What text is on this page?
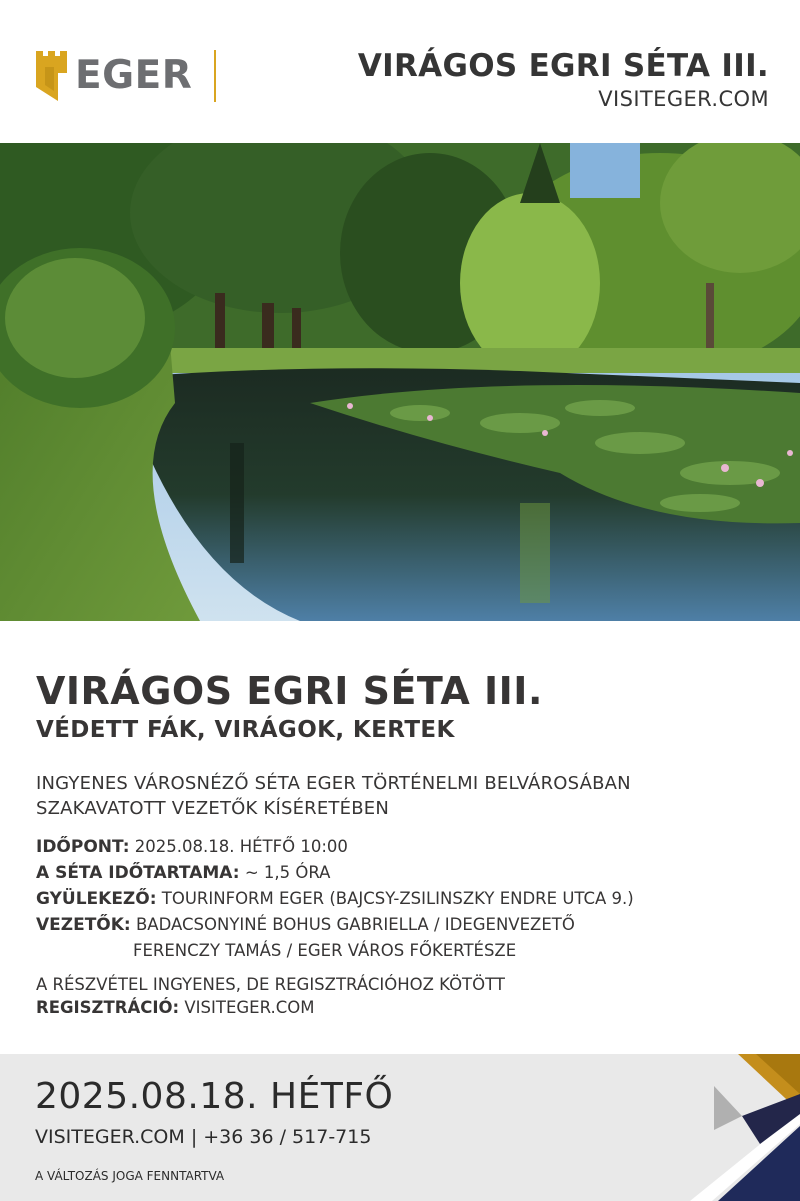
EGER	VIRÁGOS EGRI SÉTA III.
VISITEGER.COM
VIRÁGOS EGRI SÉTA III.
VÉDETT FÁK, VIRÁGOK, KERTEK
INGYENES VÁROSNÉZŐ SÉTA EGER TÖRTÉNELMI BELVÁROSÁBAN
SZAKAVATOTT VEZETŐK KÍSÉRETÉBEN
IDŐPONT: 2025.08.18. HÉTFŐ 10:00
A SÉTA IDŐTARTAMA: ~ 1,5 ÓRA
GYÜLEKEZŐ: TOURINFORM EGER (BAJCSY-ZSILINSZKY ENDRE UTCA 9.)
VEZETŐK: BADACSONYINÉ BOHUS GABRIELLA / IDEGENVEZETŐ
FERENCZY TAMÁS / EGER VÁROS FŐKERTÉSZE
A RÉSZVÉTEL INGYENES, DE REGISZTRÁCIÓHOZ KÖTÖTT
REGISZTRÁCIÓ: VISITEGER.COM
2025.08.18. HÉTFŐ
VISITEGER.COM | +36 36 / 517-715
A VÁLTOZÁS JOGA FENNTARTVA
